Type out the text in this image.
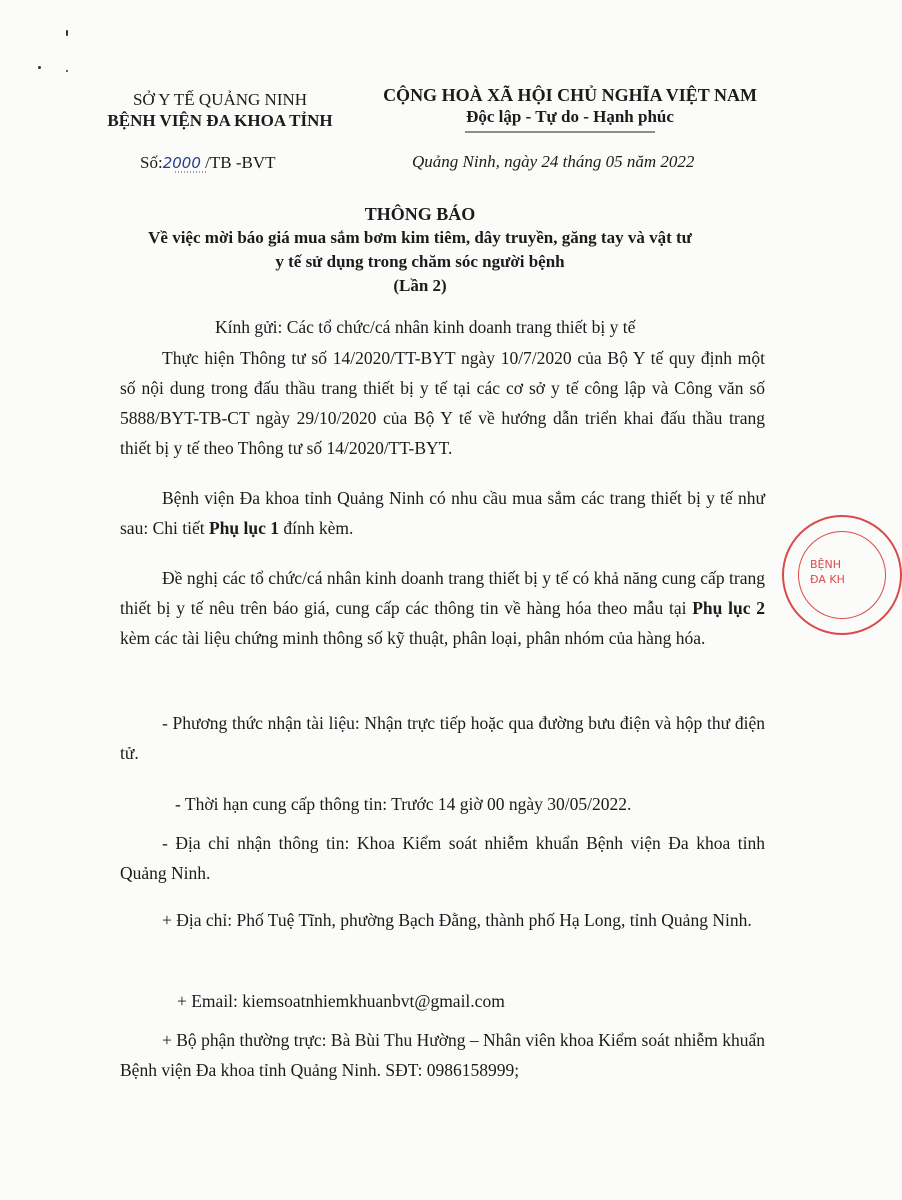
SỞ Y TẾ QUẢNG NINH
BỆNH VIỆN ĐA KHOA TỈNH
CỘNG HOÀ XÃ HỘI CHỦ NGHĨA VIỆT NAM
Độc lập - Tự do - Hạnh phúc
Số:2000 /TB -BVT	Quảng Ninh, ngày 24 tháng 05 năm 2022
THÔNG BÁO
Về việc mời báo giá mua sắm bơm kim tiêm, dây truyền, găng tay và vật tư
y tế sử dụng trong chăm sóc người bệnh
(Lần 2)
Kính gửi: Các tổ chức/cá nhân kinh doanh trang thiết bị y tế
Thực hiện Thông tư số 14/2020/TT-BYT ngày 10/7/2020 của Bộ Y tế quy định một số nội dung trong đấu thầu trang thiết bị y tế tại các cơ sở y tế công lập và Công văn số 5888/BYT-TB-CT ngày 29/10/2020 của Bộ Y tế về hướng dẫn triển khai đấu thầu trang thiết bị y tế theo Thông tư số 14/2020/TT-BYT.
Bệnh viện Đa khoa tỉnh Quảng Ninh có nhu cầu mua sắm các trang thiết bị y tế như sau: Chi tiết Phụ lục 1 đính kèm.
Đề nghị các tổ chức/cá nhân kinh doanh trang thiết bị y tế có khả năng cung cấp trang thiết bị y tế nêu trên báo giá, cung cấp các thông tin về hàng hóa theo mẫu tại Phụ lục 2 kèm các tài liệu chứng minh thông số kỹ thuật, phân loại, phân nhóm của hàng hóa.
- Phương thức nhận tài liệu: Nhận trực tiếp hoặc qua đường bưu điện và hộp thư điện tử.
- Thời hạn cung cấp thông tin: Trước 14 giờ 00 ngày 30/05/2022.
- Địa chỉ nhận thông tin: Khoa Kiểm soát nhiễm khuẩn Bệnh viện Đa khoa tỉnh Quảng Ninh.
+ Địa chỉ: Phố Tuệ Tĩnh, phường Bạch Đằng, thành phố Hạ Long, tỉnh Quảng Ninh.
+ Email: kiemsoatnhiemkhuanbvt@gmail.com
+ Bộ phận thường trực: Bà Bùi Thu Hường – Nhân viên khoa Kiểm soát nhiễm khuẩn Bệnh viện Đa khoa tỉnh Quảng Ninh. SĐT: 0986158999;
BỆNH
ĐA KH
